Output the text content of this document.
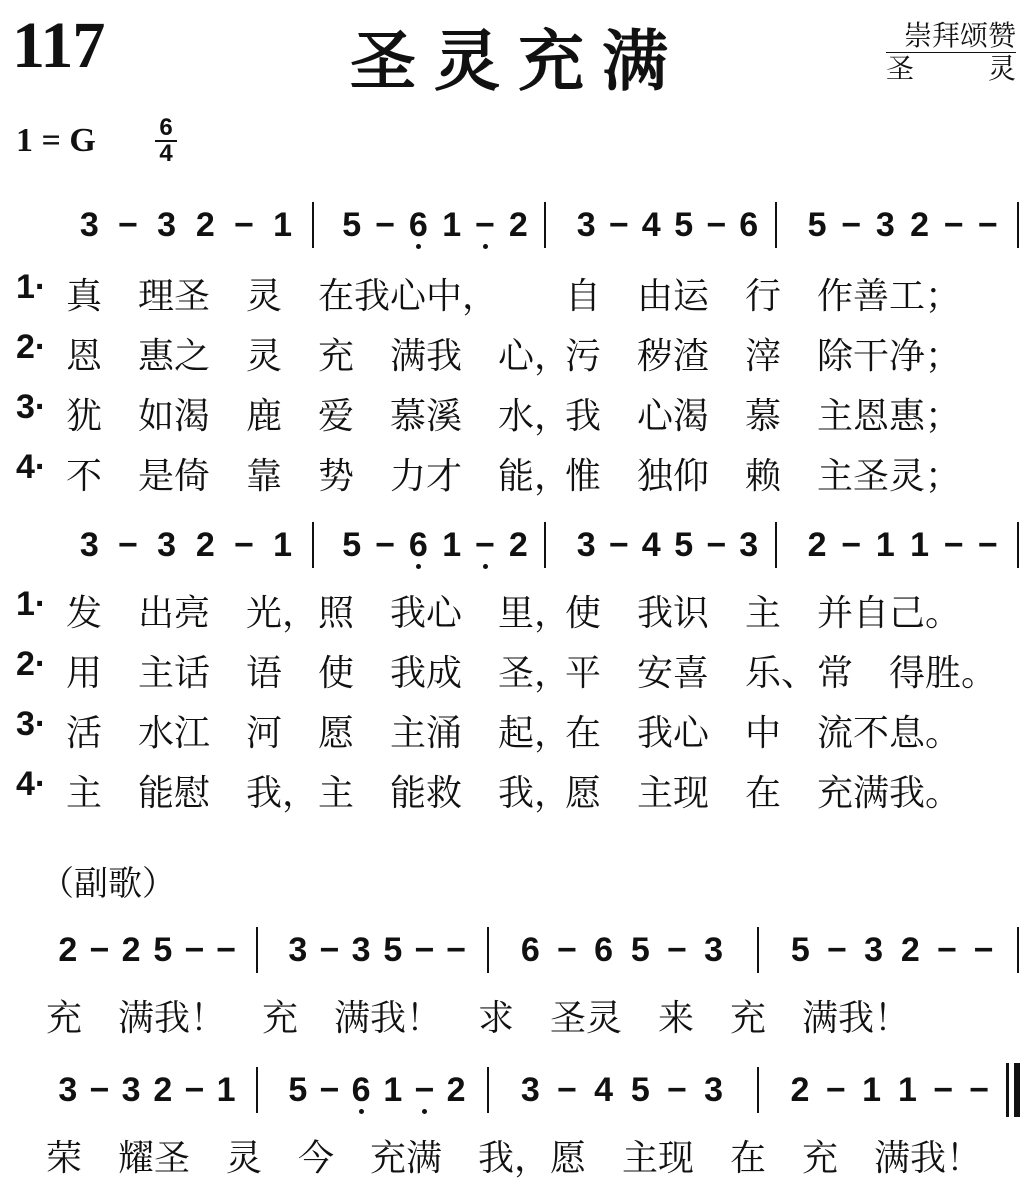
117	圣灵充满	崇拜颂赞
圣　　灵
1 = G	6
4
3 − 3 2 − 1 5 − 6 1 − 2 3 − 4 5 − 6 5 − 3 2 − −
1· 真　理圣　灵　在我心中， 自　由运　行　作善工；
2· 恩　惠之　灵　充　满我　心，
污　秽渣　滓　除干净；
3· 犹　如渴　鹿　爱　慕溪　水，
我　心渴　慕　主恩惠；
4· 不　是倚　靠　势　力才　能，
惟　独仰　赖　主圣灵；
3 − 3 2 − 1 5 − 6 1 − 2 3 − 4 5 − 3 2 − 1 1 − −
1· 发　出亮　光，照　我心　里，
使　我识　主　并自己。
2· 用　主话　语　使　我成　圣，
平　安喜　乐、常　得胜。
3· 活　水江　河　愿　主涌　起，
在　我心　中　流不息。
4· 主　能慰　我，主　能救　我，
愿　主现　在　充满我。
（副歌）
2 − 2 5 − − 3 − 3 5 − − 6 − 6 5 − 3 5 − 3 2 − −
充　满我！　充　满我！　求　圣灵　来　充　满我！
3 − 3 2 − 1 5 − 6 1 − 2 3 − 4 5 − 3 2 − 1 1 − −
荣　耀圣　灵　今　充满　我，愿　主现　在　充　满我！
